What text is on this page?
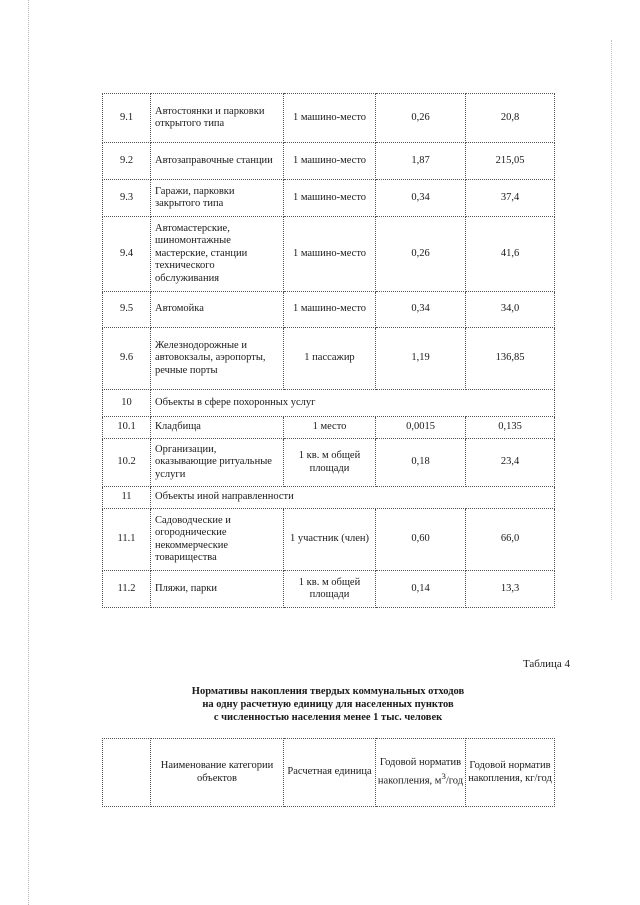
9.1	Автостоянки и парковки открытого типа	1 машино-место	0,26	20,8
9.2	Автозаправочные станции	1 машино-место	1,87	215,05
9.3	Гаражи, парковки закрытого типа	1 машино-место	0,34	37,4
9.4	Автомастерские, шиномонтажные мастерские, станции технического обслуживания	1 машино-место	0,26	41,6
9.5	Автомойка	1 машино-место	0,34	34,0
9.6	Железнодорожные и автовокзалы, аэропорты, речные порты	1 пассажир	1,19	136,85
10	Объекты в сфере похоронных услуг			
10.1	Кладбища	1 место	0,0015	0,135
10.2	Организации, оказывающие ритуальные услуги	1 кв. м общей площади	0,18	23,4
11	Объекты иной направленности			
11.1	Садоводческие и огороднические некоммерческие товарищества	1 участник (член)	0,60	66,0
11.2	Пляжи, парки	1 кв. м общей площади	0,14	13,3
Таблица 4
Нормативы накопления твердых коммунальных отходов
на одну расчетную единицу для населенных пунктов
с численностью населения менее 1 тыс. человек
	Наименование категории объектов	Расчетная единица	Годовой норматив накопления, $м^3$/год	Годовой норматив накопления, кг/год
